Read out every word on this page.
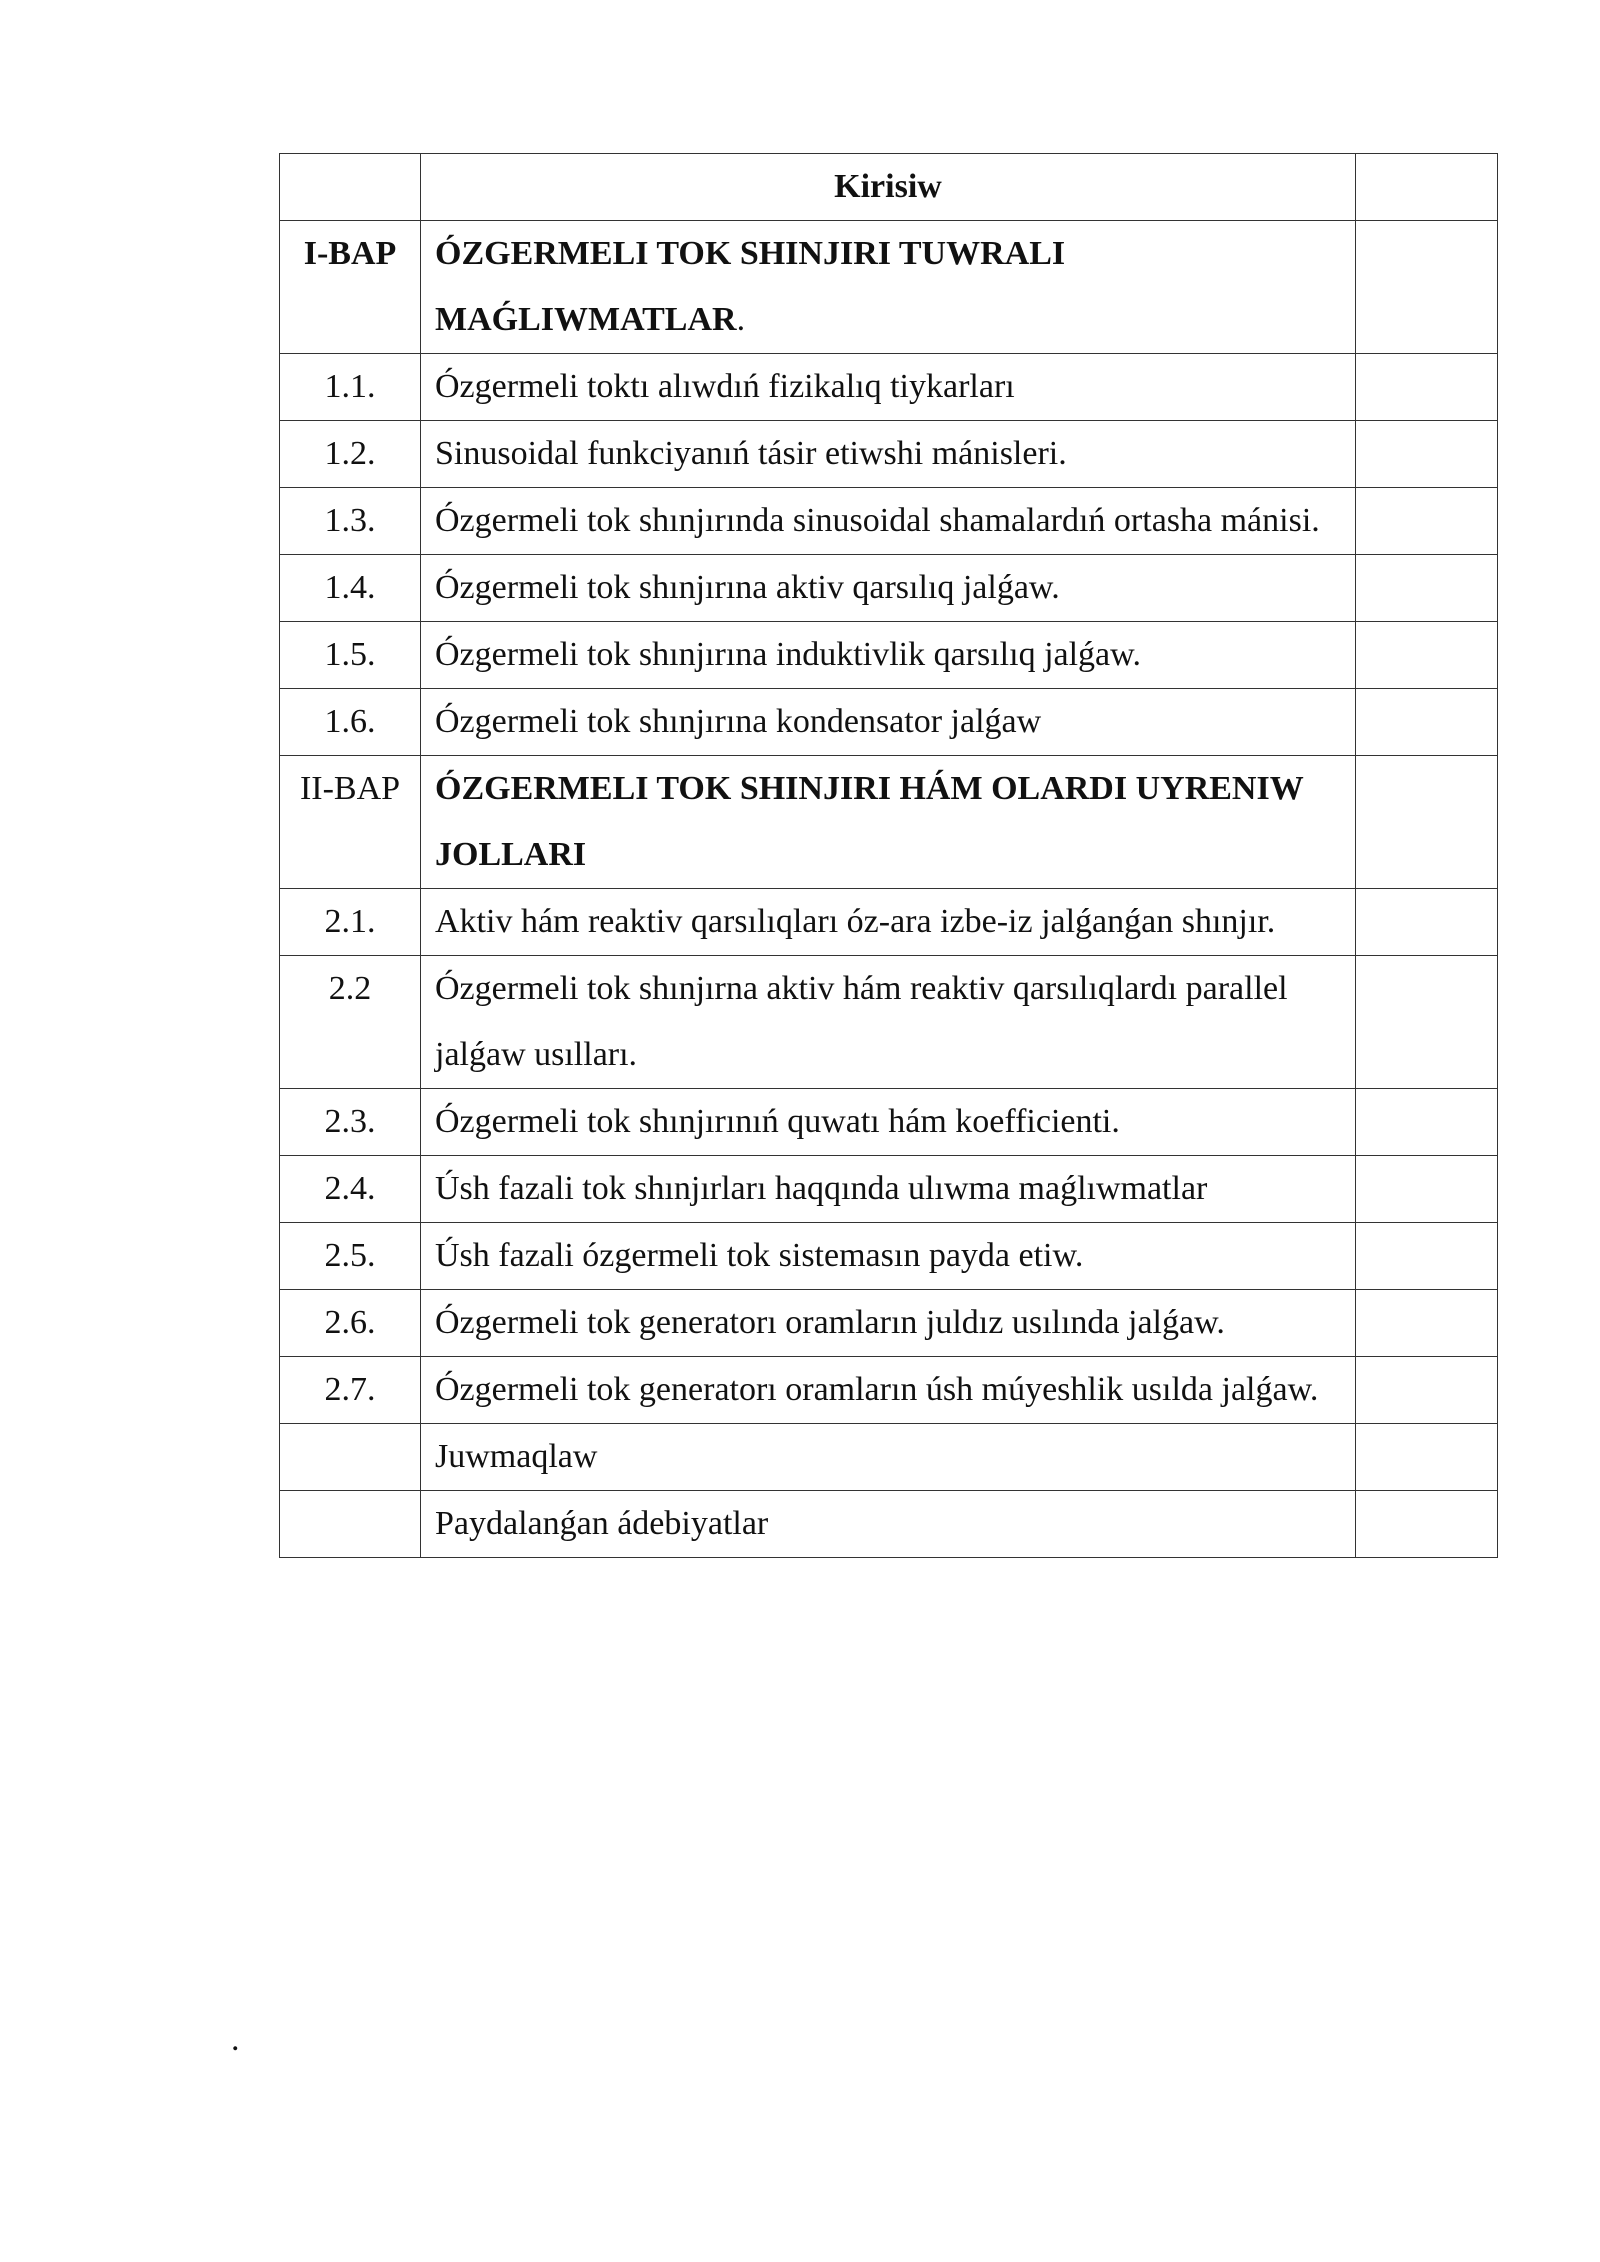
	Kirisiw	
I-BAP	ÓZGERMELI TOK SHINJIRI TUWRALI MAǴLIWMATLAR.	
1.1.	Ózgermeli toktı alıwdıń fizikalıq tiykarları	
1.2.	Sinusoidal funkciyanıń tásir etiwshi mánisleri.	
1.3.	Ózgermeli tok shınjırında sinusoidal shamalardıń ortasha mánisi.	
1.4.	Ózgermeli tok shınjırına aktiv qarsılıq jalǵaw.	
1.5.	Ózgermeli tok shınjırına induktivlik qarsılıq jalǵaw.	
1.6.	Ózgermeli tok shınjırına kondensator jalǵaw	
II-BAP	ÓZGERMELI TOK SHINJIRI HÁM OLARDI UYRENIW JOLLARI	
2.1.	Aktiv hám reaktiv qarsılıqları óz-ara izbe-iz jalǵanǵan shınjır.	
2.2	Ózgermeli tok shınjırna aktiv hám reaktiv qarsılıqlardı parallel jalǵaw usılları.	
2.3.	Ózgermeli tok shınjırınıń quwatı hám koefficienti.	
2.4.	Úsh fazali tok shınjırları haqqında ulıwma maǵlıwmatlar	
2.5.	Úsh fazali ózgermeli tok sistemasın payda etiw.	
2.6.	Ózgermeli tok generatorı oramların juldız usılında jalǵaw.	
2.7.	Ózgermeli tok generatorı oramların úsh múyeshlik usılda jalǵaw.	
	Juwmaqlaw	
	Paydalanǵan ádebiyatlar	
.
